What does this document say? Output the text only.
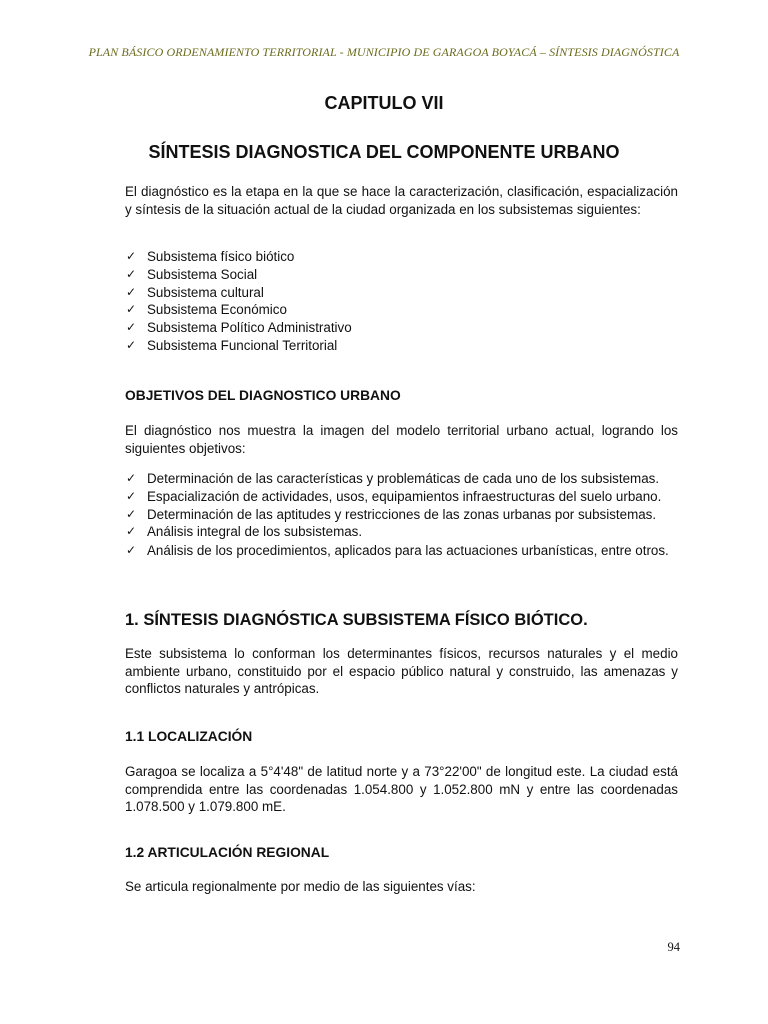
PLAN BÁSICO ORDENAMIENTO TERRITORIAL - MUNICIPIO DE GARAGOA BOYACÁ – SÍNTESIS DIAGNÓSTICA
CAPITULO VII
SÍNTESIS DIAGNOSTICA DEL COMPONENTE URBANO
El diagnóstico es la etapa en la que se hace la caracterización, clasificación, espacialización y síntesis de la situación actual de la ciudad organizada en los subsistemas siguientes:
✓ Subsistema físico biótico
✓ Subsistema Social
✓ Subsistema cultural
✓ Subsistema Económico
✓ Subsistema Político Administrativo
✓ Subsistema Funcional Territorial
OBJETIVOS DEL DIAGNOSTICO URBANO
El diagnóstico nos muestra la imagen del modelo territorial urbano actual, logrando los siguientes objetivos:
✓ Determinación de las características y problemáticas de cada uno de los subsistemas.
✓ Espacialización de actividades, usos, equipamientos infraestructuras del suelo urbano.
✓ Determinación de las aptitudes y restricciones de las zonas urbanas por subsistemas.
✓ Análisis integral de los subsistemas.
✓ Análisis de los procedimientos, aplicados para las actuaciones urbanísticas, entre otros.
1. SÍNTESIS DIAGNÓSTICA SUBSISTEMA FÍSICO BIÓTICO.
Este subsistema lo conforman los determinantes físicos, recursos naturales y el medio ambiente urbano, constituido por el espacio público natural y construido, las amenazas y conflictos naturales y antrópicas.
1.1 LOCALIZACIÓN
Garagoa se localiza a 5°4'48" de latitud norte y a 73°22'00" de longitud este. La ciudad está comprendida entre las coordenadas 1.054.800 y 1.052.800 mN y entre las coordenadas 1.078.500 y 1.079.800 mE.
1.2 ARTICULACIÓN REGIONAL
Se articula regionalmente por medio de las siguientes vías:
94
